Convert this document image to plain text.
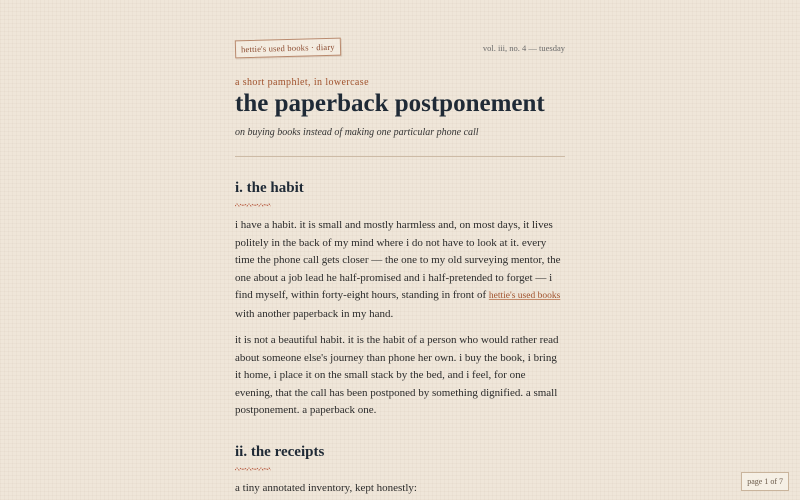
hettie's used books · diary	vol. iii, no. 4 — tuesday
a short pamphlet, in lowercase
the paperback postponement
on buying books instead of making one particular phone call
i. the habit

i have a habit. it is small and mostly harmless and, on most days, it lives politely in the back of my mind where i do not have to look at it. every time the phone call gets closer — the one to my old surveying mentor, the one about a job lead he half-promised and i half-pretended to forget — i find myself, within forty-eight hours, standing in front of hettie's used books with another paperback in my hand.

it is not a beautiful habit. it is the habit of a person who would rather read about someone else's journey than phone her own. i buy the book, i bring it home, i place it on the small stack by the bed, and i feel, for one evening, that the call has been postponed by something dignified. a small postponement. a paperback one.

ii. the receipts

a tiny annotated inventory, kept honestly:

page 1 of 7
